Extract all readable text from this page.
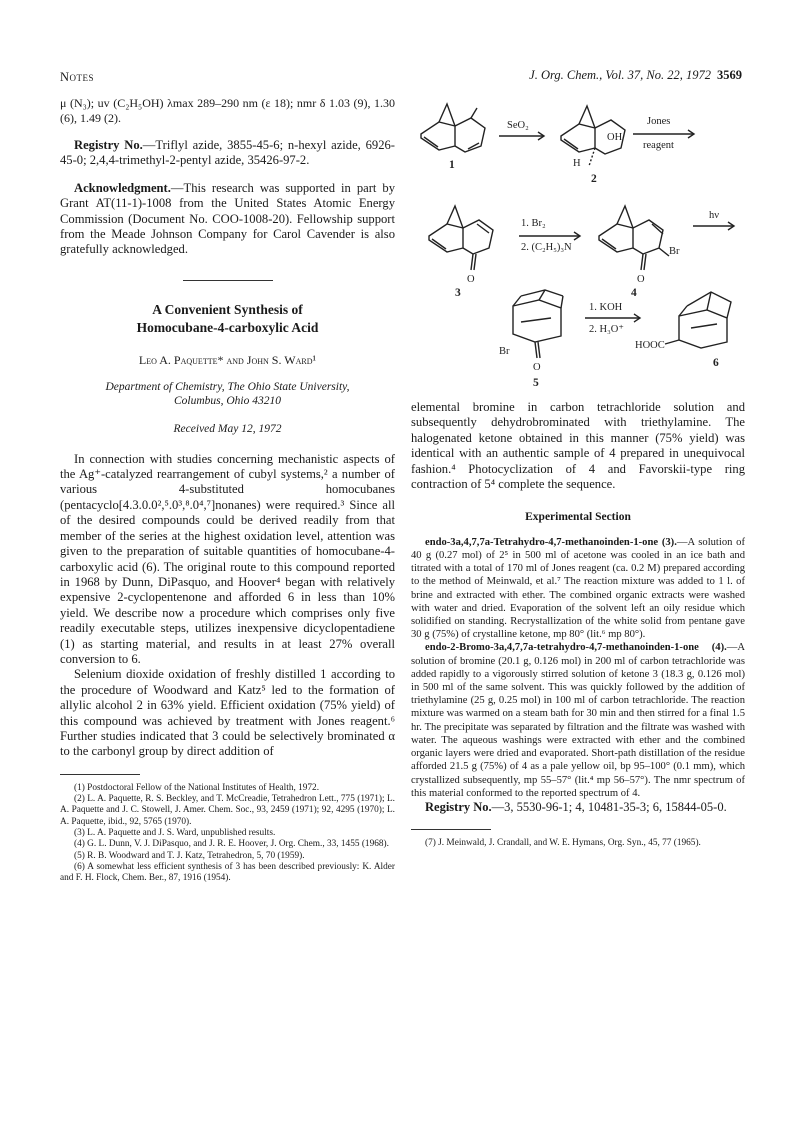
Notes	J. Org. Chem., Vol. 37, No. 22, 1972 3569

μ (N₃); uv (C₂H₅OH) λmax 289–290 nm (ε 18); nmr δ 1.03 (9), 1.30 (6), 1.49 (2).

Registry No.—Triflyl azide, 3855-45-6; n-hexyl azide, 6926-45-0; 2,4,4-trimethyl-2-pentyl azide, 35426-97-2.

Acknowledgment.—This research was supported in part by Grant AT(11-1)-1008 from the United States Atomic Energy Commission (Document No. COO-1008-20). Fellowship support from the Meade Johnson Company for Carol Cavender is also gratefully acknowledged.

A Convenient Synthesis of
Homocubane-4-carboxylic Acid
Leo A. Paquette* and John S. Ward¹
Department of Chemistry, The Ohio State University,
Columbus, Ohio 43210
Received May 12, 1972

In connection with studies concerning mechanistic aspects of the Ag⁺-catalyzed rearrangement of cubyl systems,² a number of various 4-substituted homocubanes (pentacyclo[4.3.0.0²,⁵.0³,⁸.0⁴,⁷]nonanes) were required.³ Since all of the desired compounds could be derived readily from that member of the series at the highest oxidation level, attention was given to the preparation of suitable quantities of homocubane-4-carboxylic acid (6). The original route to this compound reported in 1968 by Dunn, DiPasquo, and Hoover⁴ began with relatively expensive 2-cyclopentenone and afforded 6 in less than 10% yield. We describe now a procedure which comprises only five readily executable steps, utilizes inexpensive dicyclopentadiene (1) as starting material, and results in at least 27% overall conversion to 6.

Selenium dioxide oxidation of freshly distilled 1 according to the procedure of Woodward and Katz⁵ led to the formation of allylic alcohol 2 in 63% yield. Efficient oxidation (75% yield) of this compound was achieved by treatment with Jones reagent.⁶ Further studies indicated that 3 could be selectively brominated α to the carbonyl group by direct addition of

(1) Postdoctoral Fellow of the National Institutes of Health, 1972.

(2) L. A. Paquette, R. S. Beckley, and T. McCreadie, Tetrahedron Lett., 775 (1971); L. A. Paquette and J. C. Stowell, J. Amer. Chem. Soc., 93, 2459 (1971); 92, 4295 (1970); L. A. Paquette, ibid., 92, 5765 (1970).

(3) L. A. Paquette and J. S. Ward, unpublished results.

(4) G. L. Dunn, V. J. DiPasquo, and J. R. E. Hoover, J. Org. Chem., 33, 1455 (1968).

(5) R. B. Woodward and T. J. Katz, Tetrahedron, 5, 70 (1959).

(6) A somewhat less efficient synthesis of 3 has been described previously: K. Alder and F. H. Flock, Chem. Ber., 87, 1916 (1954).

SeO₂	Jones
reagent
1. Br₂
2. (C₂H₅)₃N
hν
1. KOH
2. H₃O⁺
OH
H
O	O
Br
Br
O
HOOC
1
2
3	4
5
6

elemental bromine in carbon tetrachloride solution and subsequently dehydrobrominated with triethylamine. The halogenated ketone obtained in this manner (75% yield) was identical with an authentic sample of 4 prepared in unequivocal fashion.⁴ Photocyclization of 4 and Favorskii-type ring contraction of 5⁴ complete the sequence.

Experimental Section

endo-3a,4,7,7a-Tetrahydro-4,7-methanoinden-1-one (3).—A solution of 40 g (0.27 mol) of 2⁵ in 500 ml of acetone was cooled in an ice bath and titrated with a total of 170 ml of Jones reagent (ca. 0.2 M) prepared according to the method of Meinwald, et al.⁷ The reaction mixture was added to 1 l. of brine and extracted with ether. The combined organic extracts were washed with water and dried. Evaporation of the solvent left an oily residue which solidified on standing. Recrystallization of the white solid from pentane gave 30 g (75%) of crystalline ketone, mp 80° (lit.⁶ mp 80°).

endo-2-Bromo-3a,4,7,7a-tetrahydro-4,7-methanoinden-1-one (4).—A solution of bromine (20.1 g, 0.126 mol) in 200 ml of carbon tetrachloride was added rapidly to a vigorously stirred solution of ketone 3 (18.3 g, 0.126 mol) in 500 ml of the same solvent. This was quickly followed by the addition of triethylamine (25 g, 0.25 mol) in 100 ml of carbon tetrachloride. The reaction mixture was warmed on a steam bath for 30 min and then stirred for a final 1.5 hr. The precipitate was separated by filtration and the filtrate was washed with water. The aqueous washings were extracted with ether and the combined organic layers were dried and evaporated. Short-path distillation of the residue afforded 21.5 g (75%) of 4 as a pale yellow oil, bp 95–100° (0.1 mm), which crystallized subsequently, mp 55–57° (lit.⁴ mp 56–57°). The nmr spectrum of this material conformed to the reported spectrum of 4.

Registry No.—3, 5530-96-1; 4, 10481-35-3; 6, 15844-05-0.

(7) J. Meinwald, J. Crandall, and W. E. Hymans, Org. Syn., 45, 77 (1965).
